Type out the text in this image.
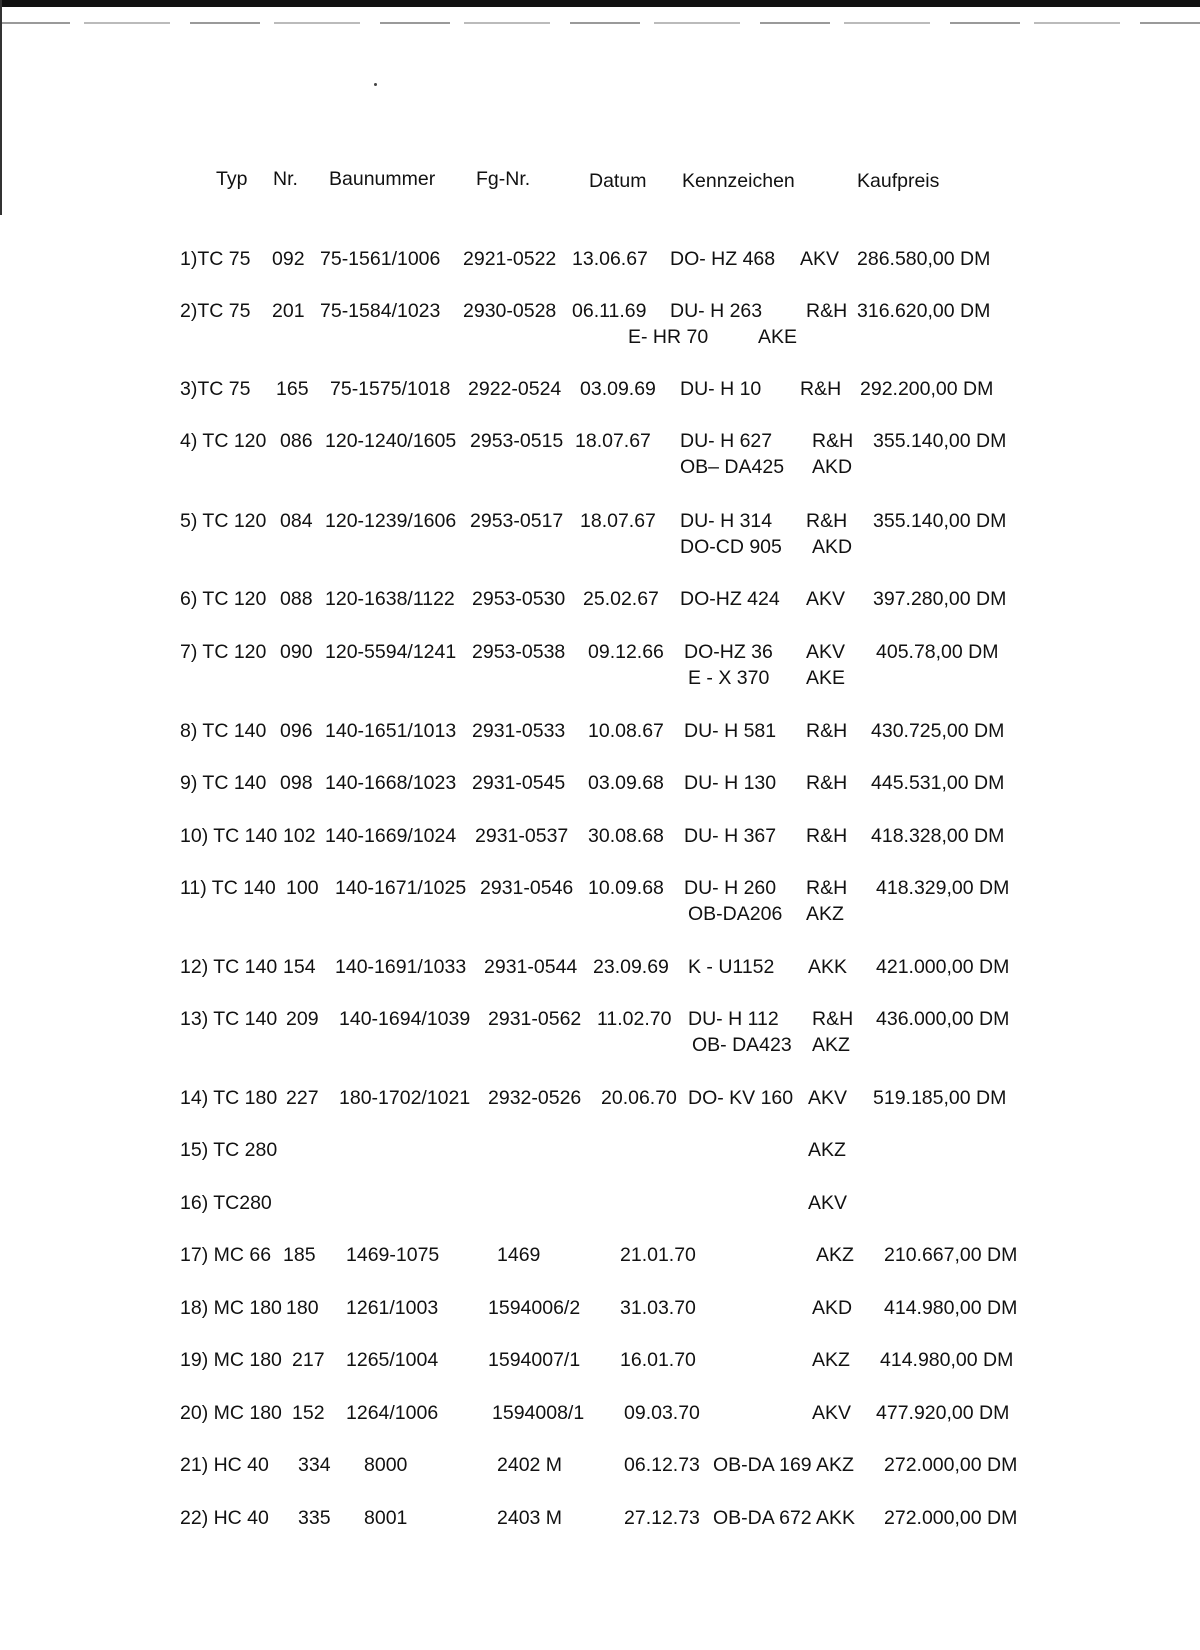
Typ Nr. Baunummer Fg-Nr.	Datum Kennzeichen	Kaufpreis
1)TC 75 092 75-1561/1006 2921-0522 13.06.67 DO- HZ 468 AKV 286.580,00 DM
2)TC 75 201 75-1584/1023 2930-0528 06.11.69 DU- H 263 R&H 316.620,00 DM
E- HR 70	AKE
3)TC 75 165 75-1575/1018 2922-0524 03.09.69 DU- H 10 R&H 292.200,00 DM
4) TC 120 086 120-1240/1605 2953-0515 18.07.67 DU- H 627 R&H 355.140,00 DM
OB– DA425 AKD
5) TC 120 084 120-1239/1606 2953-0517 18.07.67 DU- H 314 R&H 355.140,00 DM
DO-CD 905 AKD
6) TC 120 088 120-1638/1122 2953-0530 25.02.67 DO-HZ 424 AKV 397.280,00 DM
7) TC 120 090 120-5594/1241 2953-0538 09.12.66 DO-HZ 36 AKV 405.78,00 DM
E - X 370 AKE
8) TC 140 096 140-1651/1013 2931-0533 10.08.67 DU- H 581 R&H 430.725,00 DM
9) TC 140 098 140-1668/1023 2931-0545 03.09.68 DU- H 130 R&H 445.531,00 DM
10) TC 140 102 140-1669/1024 2931-0537 30.08.68 DU- H 367 R&H 418.328,00 DM
11) TC 140 100 140-1671/1025 2931-0546 10.09.68 DU- H 260 R&H 418.329,00 DM
OB-DA206 AKZ
12) TC 140 154 140-1691/1033 2931-0544 23.09.69 K - U1152 AKK 421.000,00 DM
13) TC 140 209 140-1694/1039 2931-0562 11.02.70 DU- H 112 R&H 436.000,00 DM
OB- DA423 AKZ
14) TC 180 227 180-1702/1021 2932-0526 20.06.70 DO- KV 160 AKV 519.185,00 DM
15) TC 280	AKZ
16) TC280	AKV
17) MC 66 185 1469-1075	1469	21.01.70	AKZ 210.667,00 DM
18) MC 180 180 1261/1003	1594006/2 31.03.70	AKD 414.980,00 DM
19) MC 180 217 1265/1004	1594007/1 16.01.70	AKZ 414.980,00 DM
20) MC 180 152 1264/1006	1594008/1 09.03.70	AKV 477.920,00 DM
21) HC 40 334 8000	2402 M	06.12.73 OB-DA 169 AKZ 272.000,00 DM
22) HC 40 335 8001	2403 M	27.12.73 OB-DA 672 AKK 272.000,00 DM
